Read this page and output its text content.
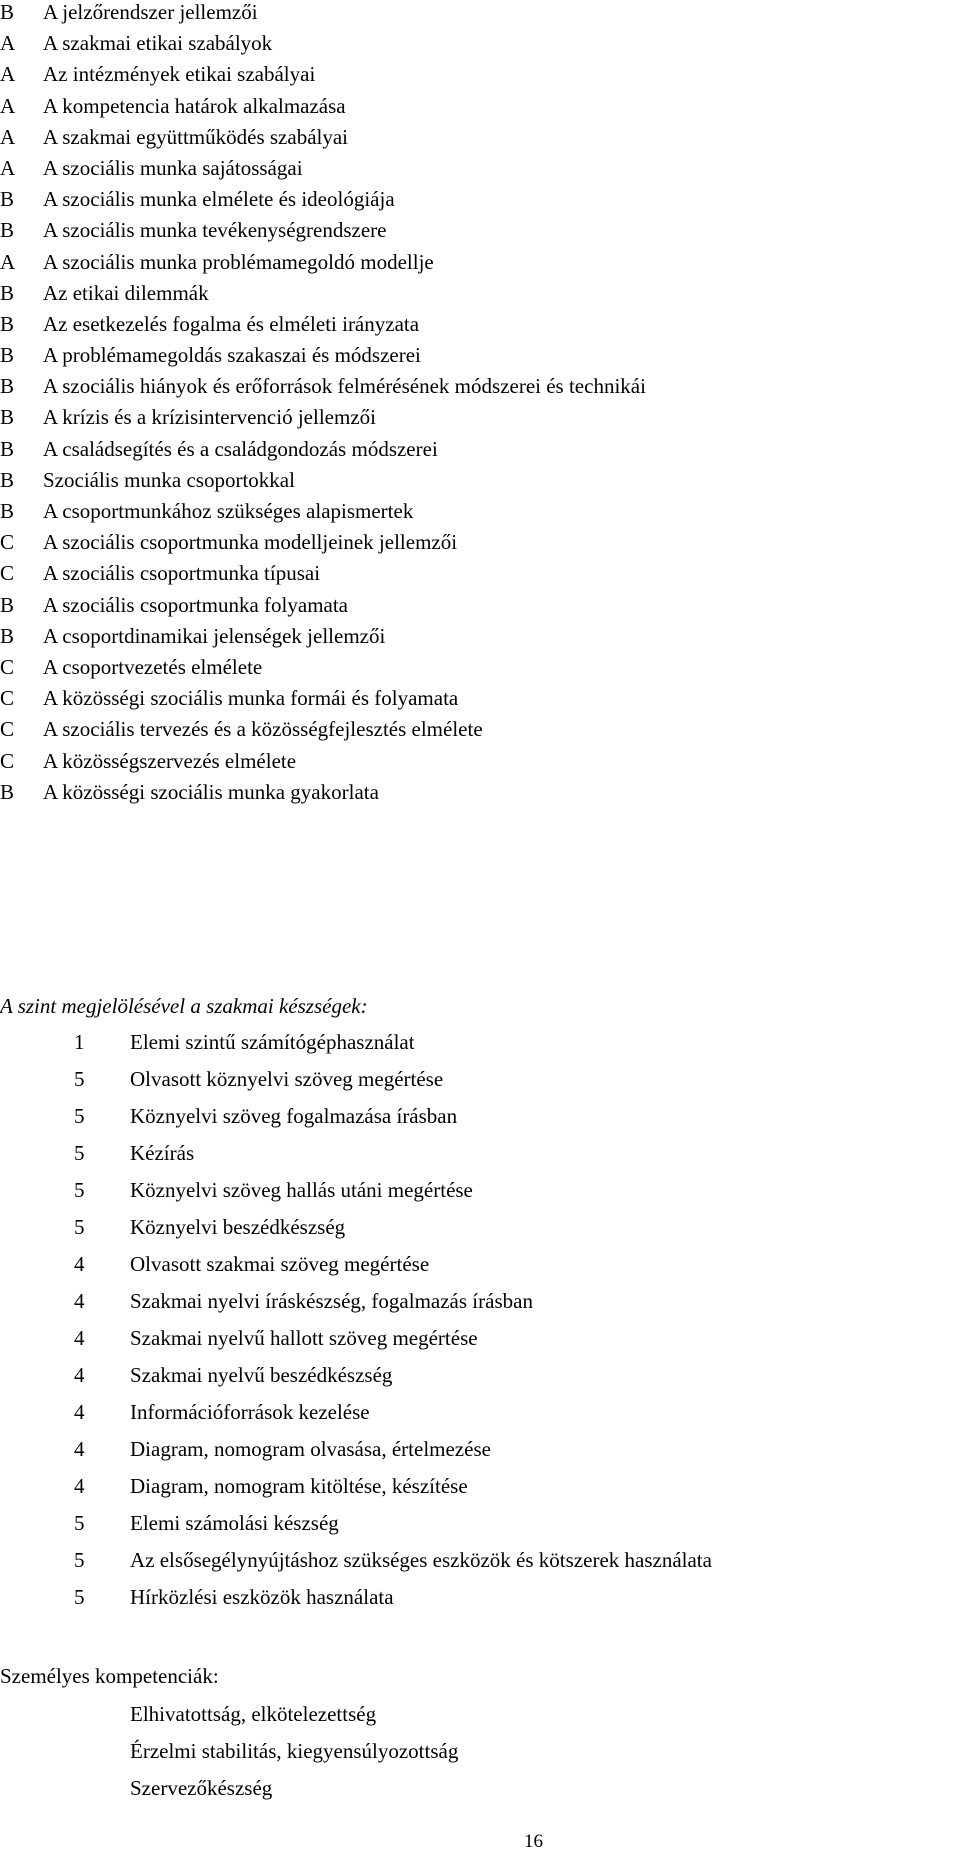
B	A jelzőrendszer jellemzői
A	A szakmai etikai szabályok
A	Az intézmények etikai szabályai
A	A kompetencia határok alkalmazása
A	A szakmai együttműködés szabályai
A	A szociális munka sajátosságai
B	A szociális munka elmélete és ideológiája
B	A szociális munka tevékenységrendszere
A	A szociális munka problémamegoldó modellje
B	Az etikai dilemmák
B	Az esetkezelés fogalma és elméleti irányzata
B	A problémamegoldás szakaszai és módszerei
B	A szociális hiányok és erőforrások felmérésének módszerei és technikái
B	A krízis és a krízisintervenció jellemzői
B	A családsegítés és a családgondozás módszerei
B	Szociális munka csoportokkal
B	A csoportmunkához szükséges alapismertek
C	A szociális csoportmunka modelljeinek jellemzői
C	A szociális csoportmunka típusai
B	A szociális csoportmunka folyamata
B	A csoportdinamikai jelenségek jellemzői
C	A csoportvezetés elmélete
C	A közösségi szociális munka formái és folyamata
C	A szociális tervezés és a közösségfejlesztés elmélete
C	A közösségszervezés elmélete
B	A közösségi szociális munka gyakorlata
A szint megjelölésével a szakmai készségek:
1 Elemi szintű számítógéphasználat
5 Olvasott köznyelvi szöveg megértése
5 Köznyelvi szöveg fogalmazása írásban
5 Kézírás
5 Köznyelvi szöveg hallás utáni megértése
5 Köznyelvi beszédkészség
4 Olvasott szakmai szöveg megértése
4 Szakmai nyelvi íráskészség, fogalmazás írásban
4 Szakmai nyelvű hallott szöveg megértése
4 Szakmai nyelvű beszédkészség
4 Információforrások kezelése
4 Diagram, nomogram olvasása, értelmezése
4 Diagram, nomogram kitöltése, készítése
5 Elemi számolási készség
5 Az elsősegélynyújtáshoz szükséges eszközök és kötszerek használata
5 Hírközlési eszközök használata
Személyes kompetenciák:
Elhivatottság, elkötelezettség
Érzelmi stabilitás, kiegyensúlyozottság
Szervezőkészség
16
